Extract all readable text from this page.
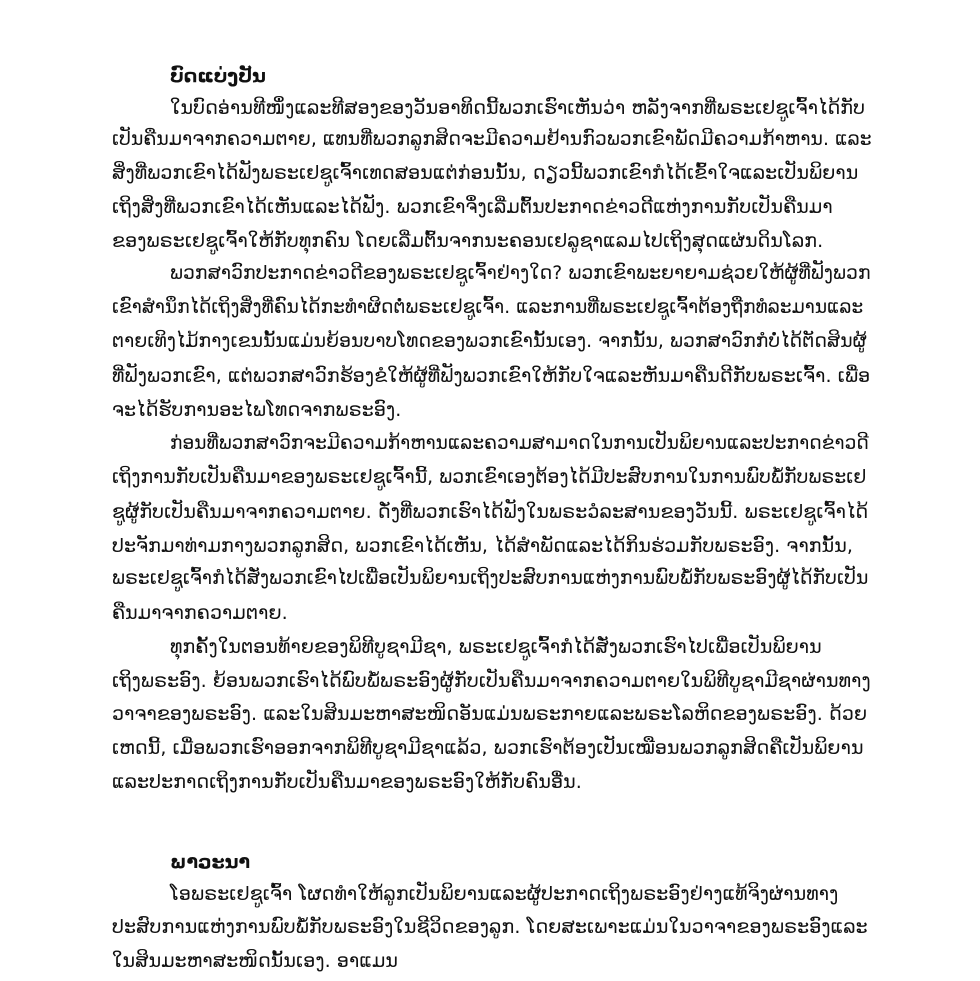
ບົດແບ່ງປັນ
ໃນບົດອ່ານທີໜຶ່ງແລະທີສອງຂອງວັນອາທິດນີ້ພວກເຮົາເຫັນວ່າ ຫລັງຈາກທີ່ພຣະເຢຊູເຈົ້າໄດ້ກັບ
ເປັນຄືນມາຈາກຄວາມຕາຍ, ແທນທີ່ພວກລູກສິດຈະມີຄວາມຢ້ານກົວພວກເຂົາພັດມີຄວາມກ້າຫານ. ແລະ
ສິ່ງທີ່ພວກເຂົາໄດ້ຟັງພຣະເຢຊູເຈົ້າເທດສອນແຕ່ກ່ອນນັ້ນ, ດຽວນີ້ພວກເຂົາກໍໄດ້ເຂົ້າໃຈແລະເປັນພິຍານ
ເຖິງສິ່ງທີ່ພວກເຂົາໄດ້ເຫັນແລະໄດ້ຟັງ. ພວກເຂົາຈຶ່ງເລີ່ມຕົ້ນປະກາດຂ່າວດີແຫ່ງການກັບເປັນຄືນມາ
ຂອງພຣະເຢຊູເຈົ້າໃຫ້ກັບທຸກຄົນ ໂດຍເລີ່ມຕົ້ນຈາກນະຄອນເຢລູຊາແລມໄປເຖິງສຸດແຜ່ນດິນໂລກ.
ພວກສາວົກປະກາດຂ່າວດີຂອງພຣະເຢຊູເຈົ້າຢ່າງໃດ? ພວກເຂົາພະຍາຍາມຊ່ວຍໃຫ້ຜູ້ທີ່ຟັງພວກ
ເຂົາສຳນຶກໄດ້ເຖິງສິ່ງທີ່ຄົນໄດ້ກະທຳຜິດຕໍ່ພຣະເຢຊູເຈົ້າ. ແລະການທີ່ພຣະເຢຊູເຈົ້າຕ້ອງຖືກທໍລະມານແລະ
ຕາຍເທິງໄມ້ກາງເຂນນັ້ນແມ່ນຍ້ອນບາບໂທດຂອງພວກເຂົານັ້ນເອງ. ຈາກນັ້ນ, ພວກສາວົກກໍບໍ່ໄດ້ຕັດສິນຜູ້
ທີ່ຟັງພວກເຂົາ, ແຕ່ພວກສາວົກຮ້ອງຂໍໃຫ້ຜູ້ທີ່ຟັງພວກເຂົາໃຫ້ກັບໃຈແລະຫັນມາຄືນດີກັບພຣະເຈົ້າ. ເພື່ອ
ຈະໄດ້ຮັບການອະໄພໂທດຈາກພຣະອົງ.
ກ່ອນທີ່ພວກສາວົກຈະມີຄວາມກ້າຫານແລະຄວາມສາມາດໃນການເປັນພິຍານແລະປະກາດຂ່າວດີ
ເຖິງການກັບເປັນຄືນມາຂອງພຣະເຢຊູເຈົ້ານີ້, ພວກເຂົາເອງຕ້ອງໄດ້ມີປະສົບການໃນການພົບພໍ້ກັບພຣະເຢ
ຊູຜູ້ກັບເປັນຄືນມາຈາກຄວາມຕາຍ. ດັ່ງທີ່ພວກເຮົາໄດ້ຟັງໃນພຣະວໍລະສານຂອງວັນນີ້. ພຣະເຢຊູເຈົ້າໄດ້
ປະຈັກມາທ່າມກາງພວກລູກສິດ, ພວກເຂົາໄດ້ເຫັນ, ໄດ້ສຳພັດແລະໄດ້ກິນຮ່ວມກັບພຣະອົງ. ຈາກນັ້ນ,
ພຣະເຢຊູເຈົ້າກໍໄດ້ສັ່ງພວກເຂົາໄປເພື່ອເປັນພິຍານເຖິງປະສົບການແຫ່ງການພົບພໍ້ກັບພຣະອົງຜູ້ໄດ້ກັບເປັນ
ຄືນມາຈາກຄວາມຕາຍ.
ທຸກຄັ້ງໃນຕອນທ້າຍຂອງພິທີບູຊາມີຊາ, ພຣະເຢຊູເຈົ້າກໍໄດ້ສັ່ງພວກເຮົາໄປເພື່ອເປັນພິຍານ
ເຖິງພຣະອົງ. ຍ້ອນພວກເຮົາໄດ້ພົບພໍ້ພຣະອົງຜູ້ກັບເປັນຄືນມາຈາກຄວາມຕາຍໃນພິທີບູຊາມີຊາຜ່ານທາງ
ວາຈາຂອງພຣະອົງ. ແລະໃນສິນມະຫາສະໜິດອັນແມ່ນພຣະກາຍແລະພຣະໂລຫິດຂອງພຣະອົງ. ດ້ວຍ
ເຫດນີ້, ເມື່ອພວກເຮົາອອກຈາກພິທີບູຊາມີຊາແລ້ວ, ພວກເຮົາຕ້ອງເປັນເໝືອນພວກລູກສິດຄືເປັນພິຍານ
ແລະປະກາດເຖິງການກັບເປັນຄືນມາຂອງພຣະອົງໃຫ້ກັບຄົນອື່ນ.
ພາວະນາ
ໂອພຣະເຢຊູເຈົ້າ ໂຜດທຳໃຫ້ລູກເປັນພິຍານແລະຜູ້ປະກາດເຖິງພຣະອົງຢ່າງແທ້ຈິງຜ່ານທາງ
ປະສົບການແຫ່ງການພົບພໍ້ກັບພຣະອົງໃນຊີວິດຂອງລູກ. ໂດຍສະເພາະແມ່ນໃນວາຈາຂອງພຣະອົງແລະ
ໃນສິນມະຫາສະໜິດນັ້ນເອງ. ອາແມນ
